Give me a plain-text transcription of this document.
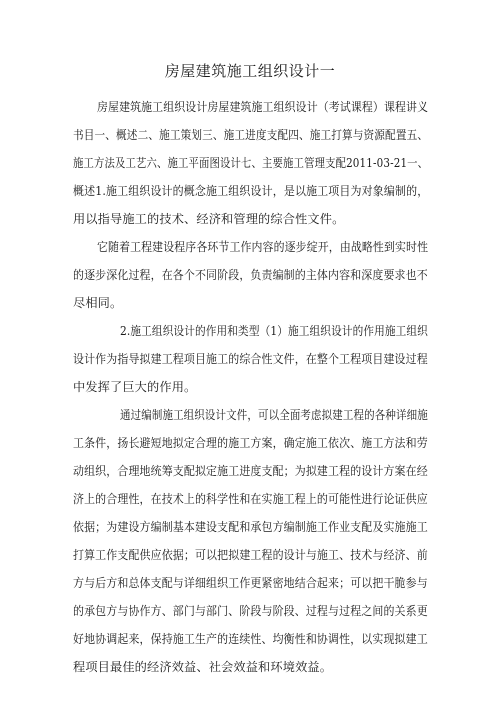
房屋建筑施工组织设计一
房屋建筑施工组织设计房屋建筑施工组织设计（考试课程）课程讲义
书目一、概述二、施工策划三、施工进度支配四、施工打算与资源配置五、
施工方法及工艺六、施工平面图设计七、主要施工管理支配2011-03-21一、
概述1.施工组织设计的概念施工组织设计，是以施工项目为对象编制的，
用以指导施工的技术、经济和管理的综合性文件。
它随着工程建设程序各环节工作内容的逐步绽开，由战略性到实时性
的逐步深化过程，在各个不同阶段，负责编制的主体内容和深度要求也不
尽相同。
2.施工组织设计的作用和类型（1）施工组织设计的作用施工组织
设计作为指导拟建工程项目施工的综合性文件，在整个工程项目建设过程
中发挥了巨大的作用。
通过编制施工组织设计文件，可以全面考虑拟建工程的各种详细施
工条件，扬长避短地拟定合理的施工方案，确定施工依次、施工方法和劳
动组织，合理地统筹支配拟定施工进度支配；为拟建工程的设计方案在经
济上的合理性，在技术上的科学性和在实施工程上的可能性进行论证供应
依据；为建设方编制基本建设支配和承包方编制施工作业支配及实施施工
打算工作支配供应依据；可以把拟建工程的设计与施工、技术与经济、前
方与后方和总体支配与详细组织工作更紧密地结合起来；可以把干脆参与
的承包方与协作方、部门与部门、阶段与阶段、过程与过程之间的关系更
好地协调起来，保持施工生产的连续性、均衡性和协调性，以实现拟建工
程项目最佳的经济效益、社会效益和环境效益。
